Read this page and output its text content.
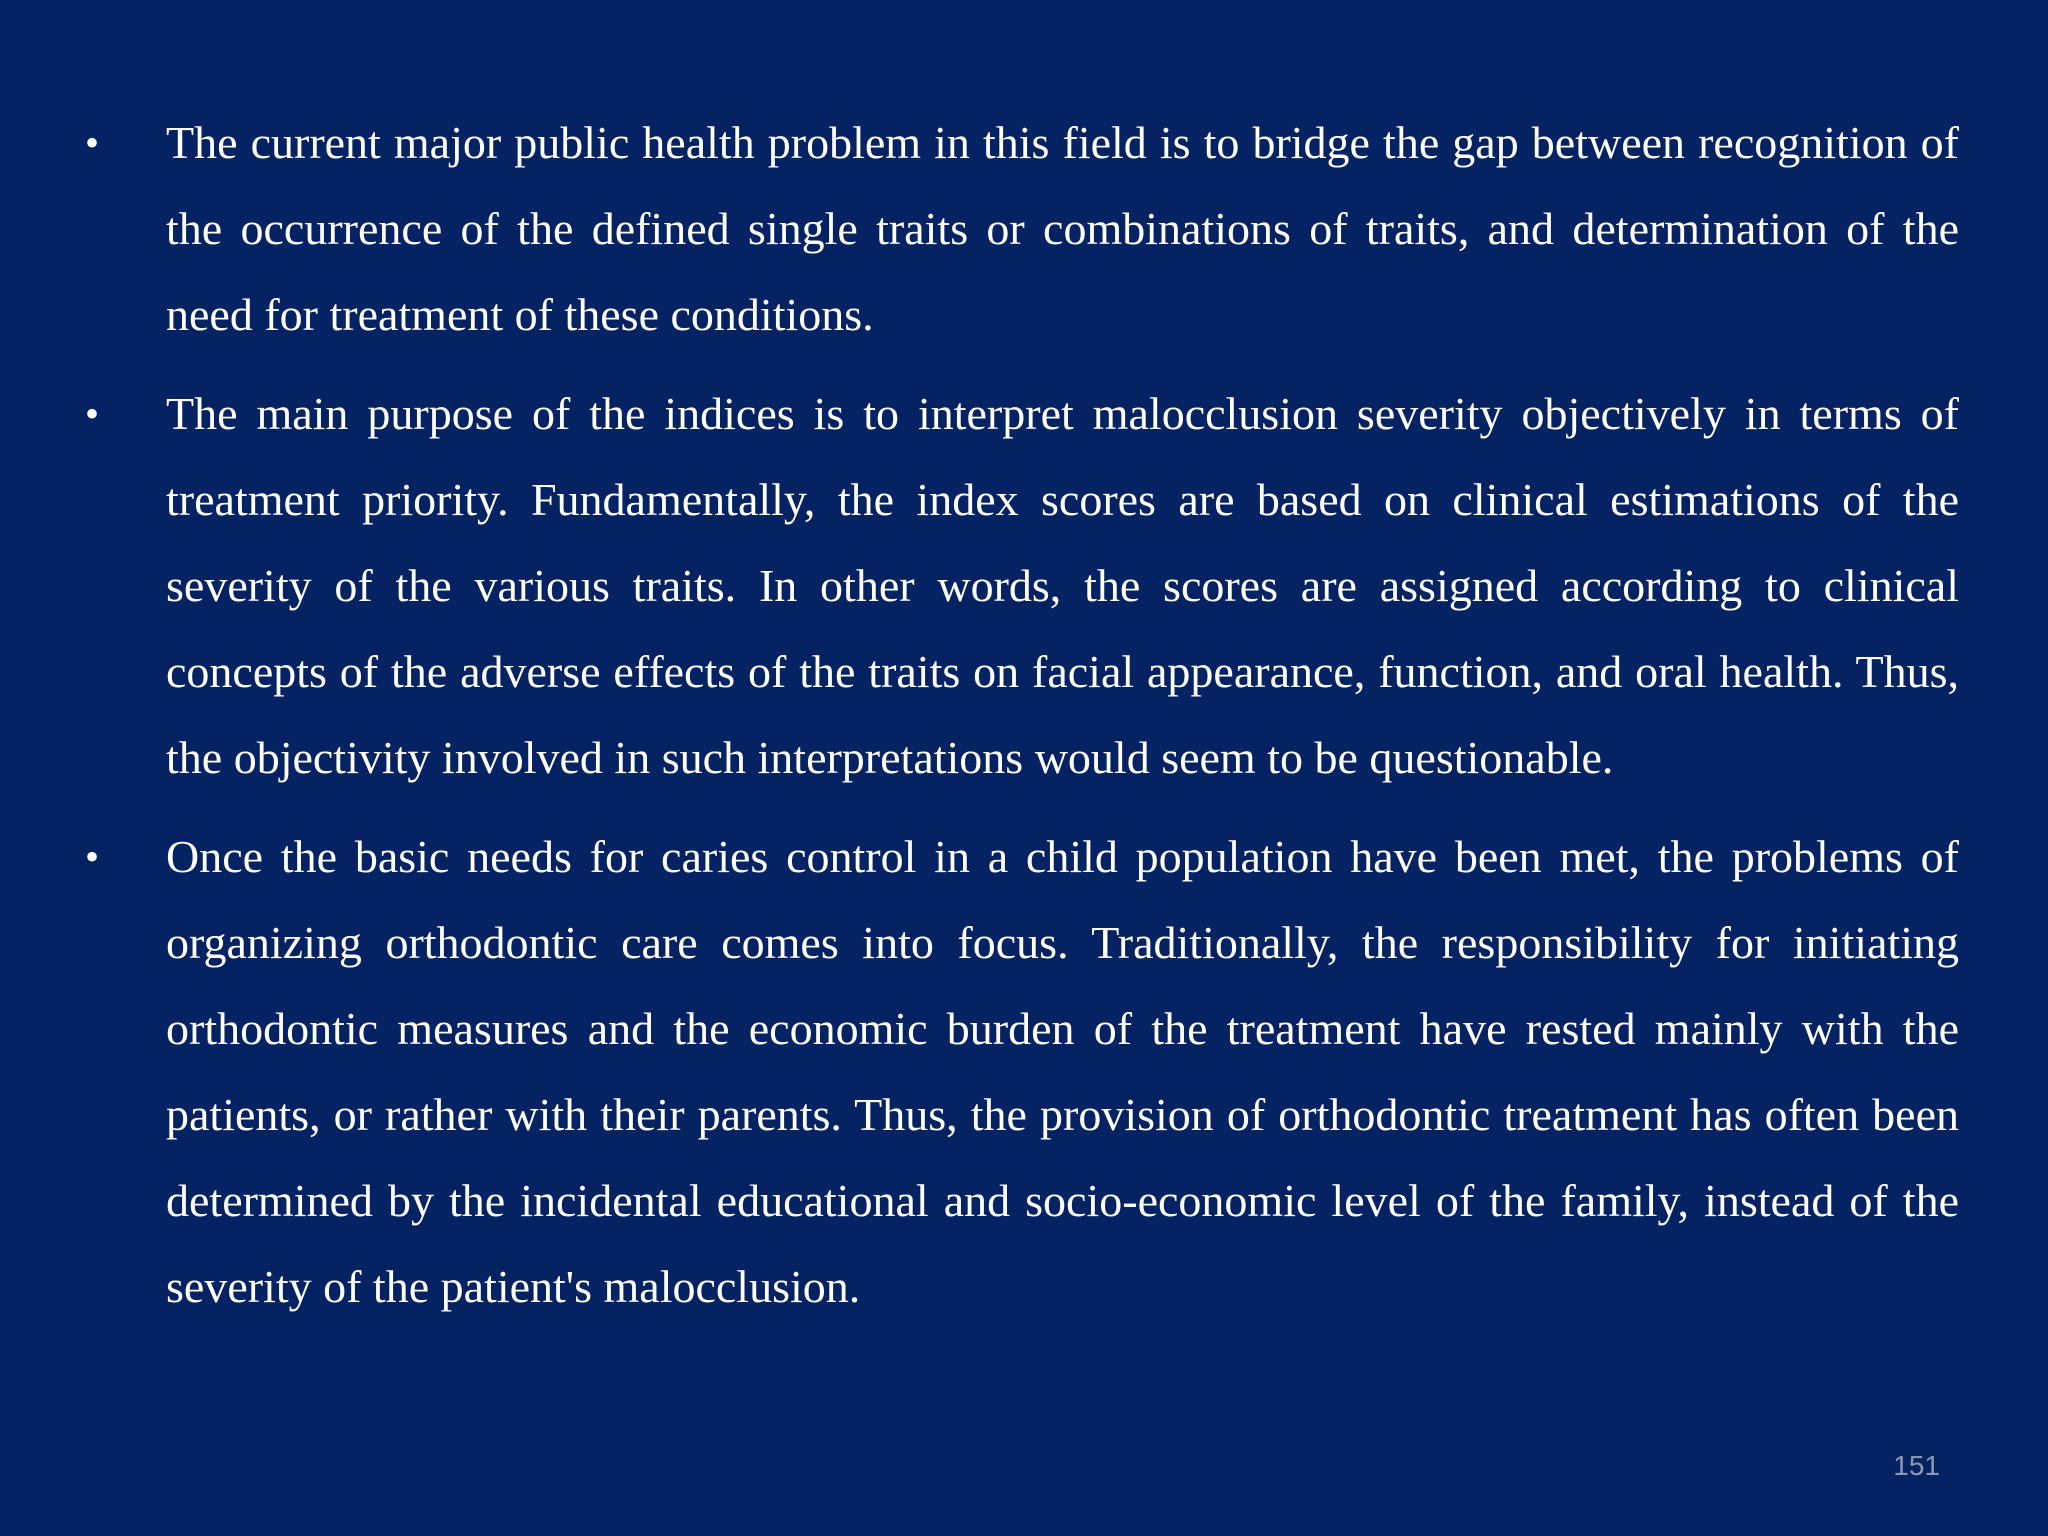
•	The current major public health problem in this field is to bridge the gap between recognition of the occurrence of the defined single traits or combinations of traits, and determination of the need for treatment of these conditions.
•	The main purpose of the indices is to interpret malocclusion severity objectively in terms of treatment priority. Fundamentally, the index scores are based on clinical estimations of the severity of the various traits. In other words, the scores are assigned according to clinical concepts of the adverse effects of the traits on facial appearance, function, and oral health. Thus, the objectivity involved in such interpretations would seem to be questionable.
•	Once the basic needs for caries control in a child population have been met, the problems of organizing orthodontic care comes into focus. Traditionally, the responsibility for initiating orthodontic measures and the economic burden of the treatment have rested mainly with the patients, or rather with their parents. Thus, the provision of orthodontic treatment has often been determined by the incidental educational and socio-economic level of the family, instead of the severity of the patient's malocclusion.
151
